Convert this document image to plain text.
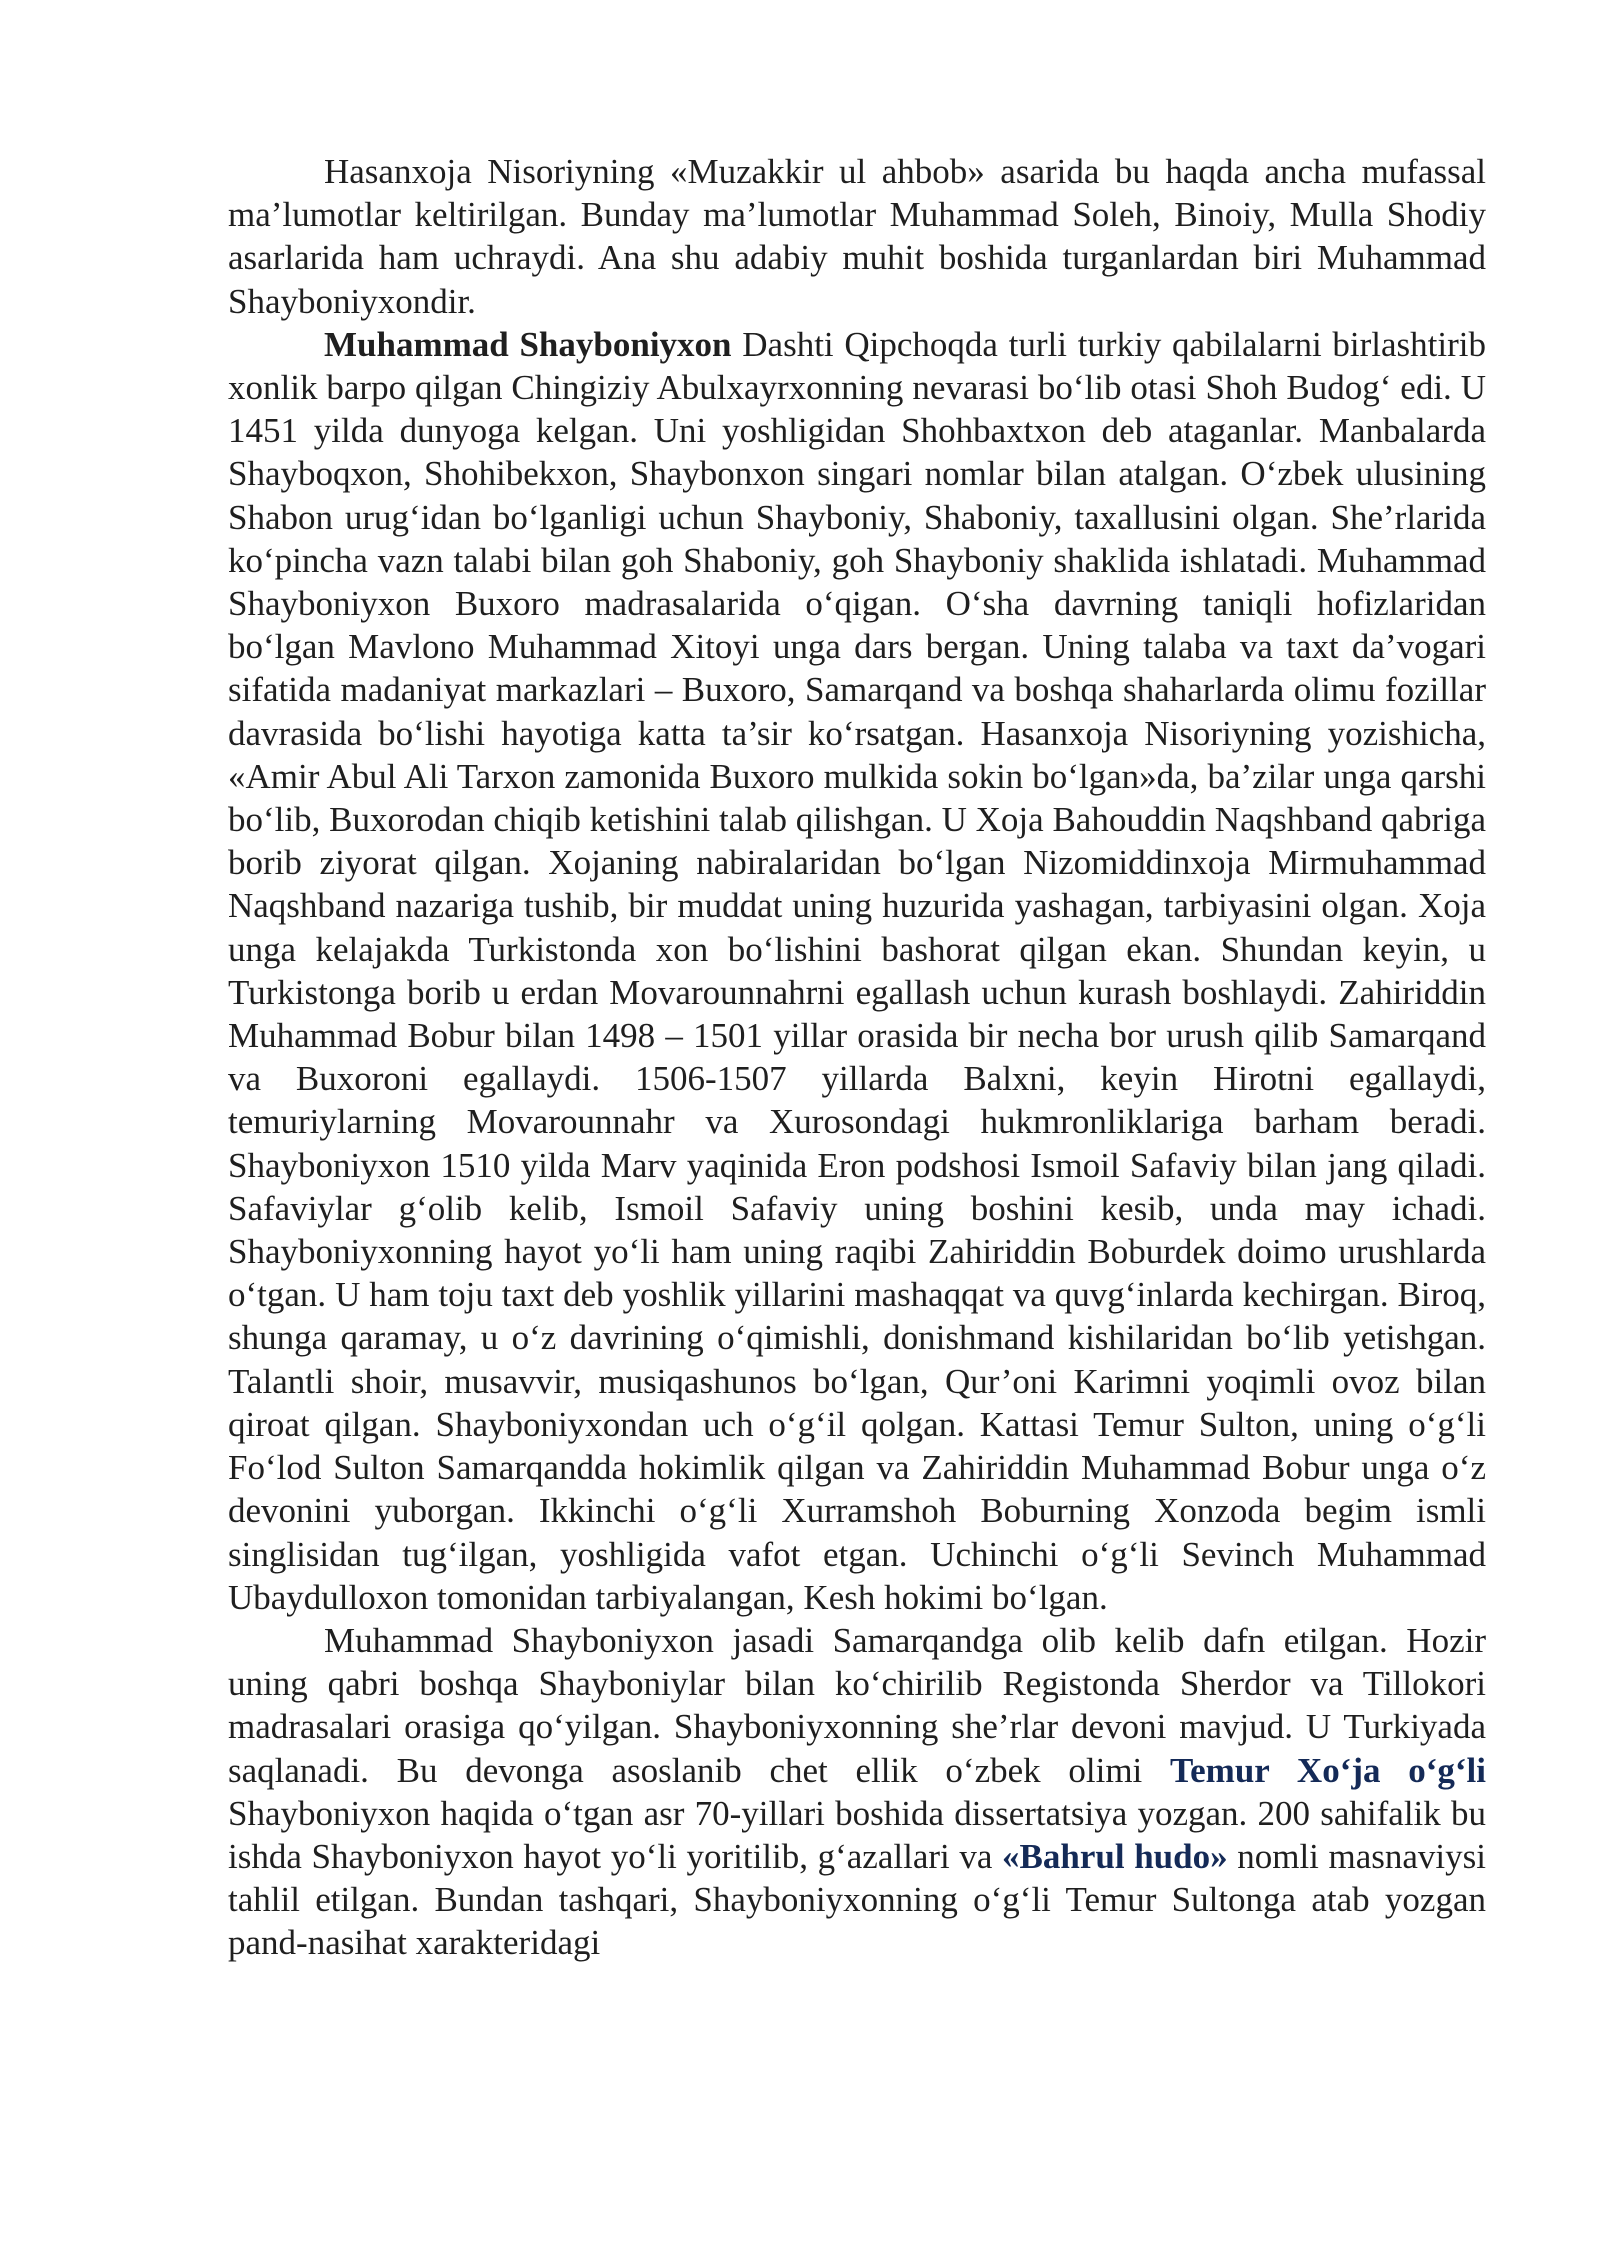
Hasanxoja Nisoriyning «Muzakkir ul ahbob» asarida bu haqda ancha mufassal ma’lumotlar keltirilgan. Bunday ma’lumotlar Muhammad Soleh, Binoiy, Mulla Shodiy asarlarida ham uchraydi. Ana shu adabiy muhit boshida turganlardan biri Muhammad Shayboniyxondir.

Muhammad Shayboniyxon Dashti Qipchoqda turli turkiy qabilalarni birlashtirib xonlik barpo qilgan Chingiziy Abulxayrxonning nevarasi bo‘lib otasi Shoh Budog‘ edi. U 1451 yilda dunyoga kelgan. Uni yoshligidan Shohbaxtxon deb ataganlar. Manbalarda Shayboqxon, Shohibekxon, Shaybonxon singari nomlar bilan atalgan. O‘zbek ulusining Shabon urug‘idan bo‘lganligi uchun Shayboniy, Shaboniy, taxallusini olgan. She’rlarida ko‘pincha vazn talabi bilan goh Shaboniy, goh Shayboniy shaklida ishlatadi. Muhammad Shayboniyxon Buxoro madrasalarida o‘qigan. O‘sha davrning taniqli hofizlaridan bo‘lgan Mavlono Muhammad Xitoyi unga dars bergan. Uning talaba va taxt da’vogari sifatida madaniyat markazlari – Buxoro, Samarqand va boshqa shaharlarda olimu fozillar davrasida bo‘lishi hayotiga katta ta’sir ko‘rsatgan. Hasanxoja Nisoriyning yozishicha, «Amir Abul Ali Tarxon zamonida Buxoro mulkida sokin bo‘lgan»da, ba’zilar unga qarshi bo‘lib, Buxorodan chiqib ketishini talab qilishgan. U Xoja Bahouddin Naqshband qabriga borib ziyorat qilgan. Xojaning nabiralaridan bo‘lgan Nizomiddinxoja Mirmuhammad Naqshband nazariga tushib, bir muddat uning huzurida yashagan, tarbiyasini olgan. Xoja unga kelajakda Turkistonda xon bo‘lishini bashorat qilgan ekan. Shundan keyin, u Turkistonga borib u erdan Movarounnahrni egallash uchun kurash boshlaydi. Zahiriddin Muhammad Bobur bilan 1498 – 1501 yillar orasida bir necha bor urush qilib Samarqand va Buxoroni egallaydi. 1506-1507 yillarda Balxni, keyin Hirotni egallaydi, temuriylarning Movarounnahr va Xurosondagi hukmronliklariga barham beradi. Shayboniyxon 1510 yilda Marv yaqinida Eron podshosi Ismoil Safaviy bilan jang qiladi. Safaviylar g‘olib kelib, Ismoil Safaviy uning boshini kesib, unda may ichadi. Shayboniyxonning hayot yo‘li ham uning raqibi Zahiriddin Boburdek doimo urushlarda o‘tgan. U ham toju taxt deb yoshlik yillarini mashaqqat va quvg‘inlarda kechirgan. Biroq, shunga qaramay, u o‘z davrining o‘qimishli, donishmand kishilaridan bo‘lib yetishgan. Talantli shoir, musavvir, musiqashunos bo‘lgan, Qur’oni Karimni yoqimli ovoz bilan qiroat qilgan. Shayboniyxondan uch o‘g‘il qolgan. Kattasi Temur Sulton, uning o‘g‘li Fo‘lod Sulton Samarqandda hokimlik qilgan va Zahiriddin Muhammad Bobur unga o‘z devonini yuborgan. Ikkinchi o‘g‘li Xurramshoh Boburning Xonzoda begim ismli singlisidan tug‘ilgan, yoshligida vafot etgan. Uchinchi o‘g‘li Sevinch Muhammad Ubaydulloxon tomonidan tarbiyalangan, Kesh hokimi bo‘lgan.

Muhammad Shayboniyxon jasadi Samarqandga olib kelib dafn etilgan. Hozir uning qabri boshqa Shayboniylar bilan ko‘chirilib Registonda Sherdor va Tillokori madrasalari orasiga qo‘yilgan. Shayboniyxonning she’rlar devoni mavjud. U Turkiyada saqlanadi. Bu devonga asoslanib chet ellik o‘zbek olimi Temur Xo‘ja o‘g‘li Shayboniyxon haqida o‘tgan asr 70-yillari boshida dissertatsiya yozgan. 200 sahifalik bu ishda Shayboniyxon hayot yo‘li yoritilib, g‘azallari va «Bahrul hudo» nomli masnaviysi tahlil etilgan. Bundan tashqari, Shayboniyxonning o‘g‘li Temur Sultonga atab yozgan pand-nasihat xarakteridagi
